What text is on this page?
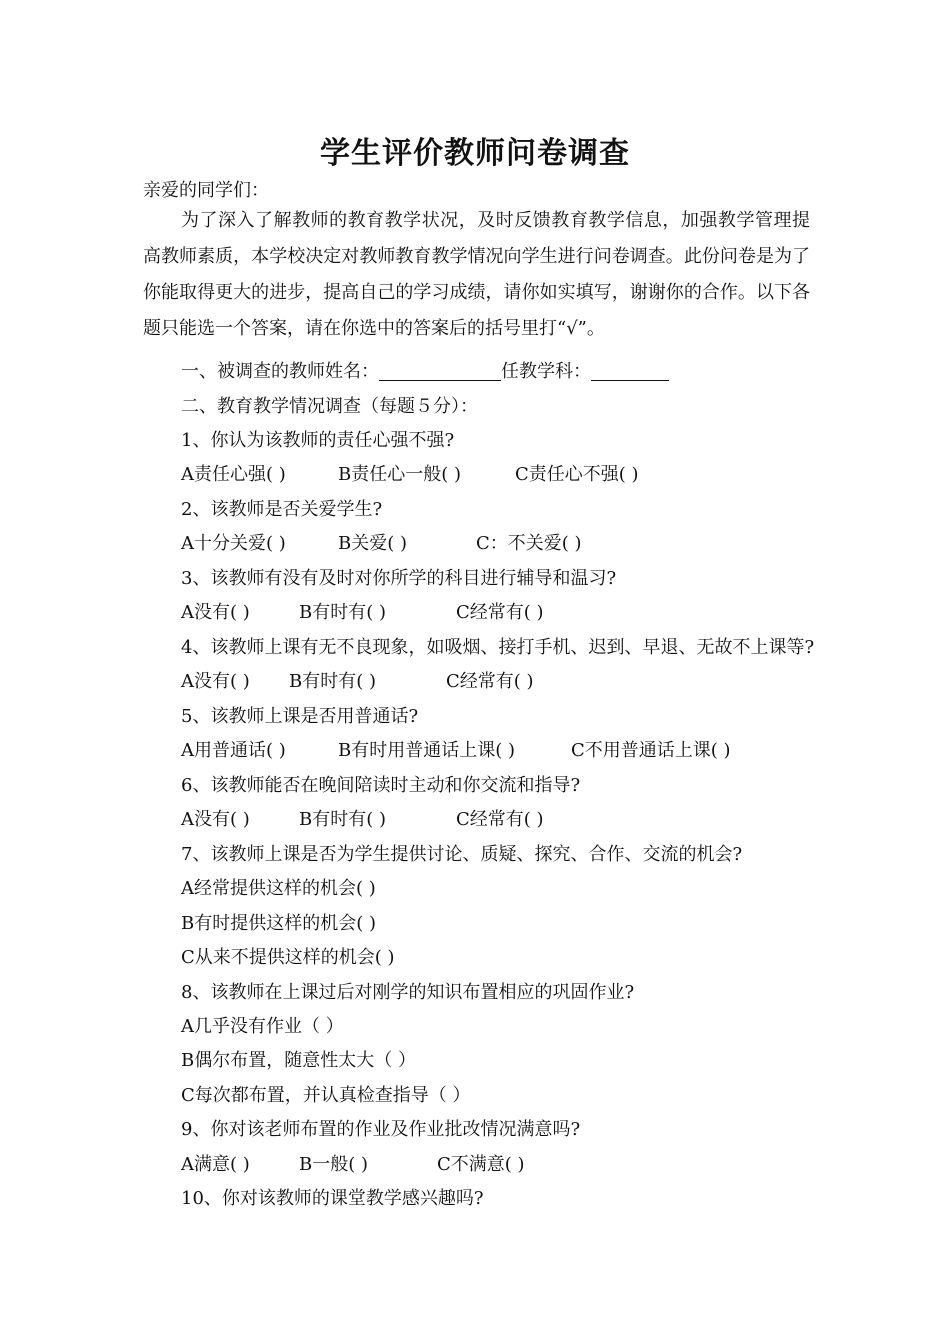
学生评价教师问卷调查
亲爱的同学们：
为了深入了解教师的教育教学状况，及时反馈教育教学信息，加强教学管理提高教师素质，本学校决定对教师教育教学情况向学生进行问卷调查。此份问卷是为了你能取得更大的进步，提高自己的学习成绩，请你如实填写，谢谢你的合作。以下各题只能选一个答案，请在你选中的答案后的括号里打“√”。
一、被调查的教师姓名：	任教学科：
二、教育教学情况调查（每题５分）：
1、你认为该教师的责任心强不强?
A责任心强( )	B责任心一般( )	C责任心不强( )
2、该教师是否关爱学生?
A十分关爱( )	B关爱( )	C：不关爱( )
3、该教师有没有及时对你所学的科目进行辅导和温习?
A没有( )	B有时有( )	C经常有( )
4、该教师上课有无不良现象，如吸烟、接打手机、迟到、早退、无故不上课等?
A没有( ) B有时有( )	C经常有( )
5、该教师上课是否用普通话?
A用普通话( )	B有时用普通话上课( )	C不用普通话上课( )
6、该教师能否在晚间陪读时主动和你交流和指导?
A没有( )	B有时有( )	C经常有( )
7、该教师上课是否为学生提供讨论、质疑、探究、合作、交流的机会?
A经常提供这样的机会( )
B有时提供这样的机会( )
C从来不提供这样的机会( )
8、该教师在上课过后对刚学的知识布置相应的巩固作业?
A几乎没有作业（ ）
B偶尔布置，随意性太大（ ）
C每次都布置，并认真检查指导（ ）
9、你对该老师布置的作业及作业批改情况满意吗?
A满意( )	B一般( )	C不满意( )
10、你对该教师的课堂教学感兴趣吗?
